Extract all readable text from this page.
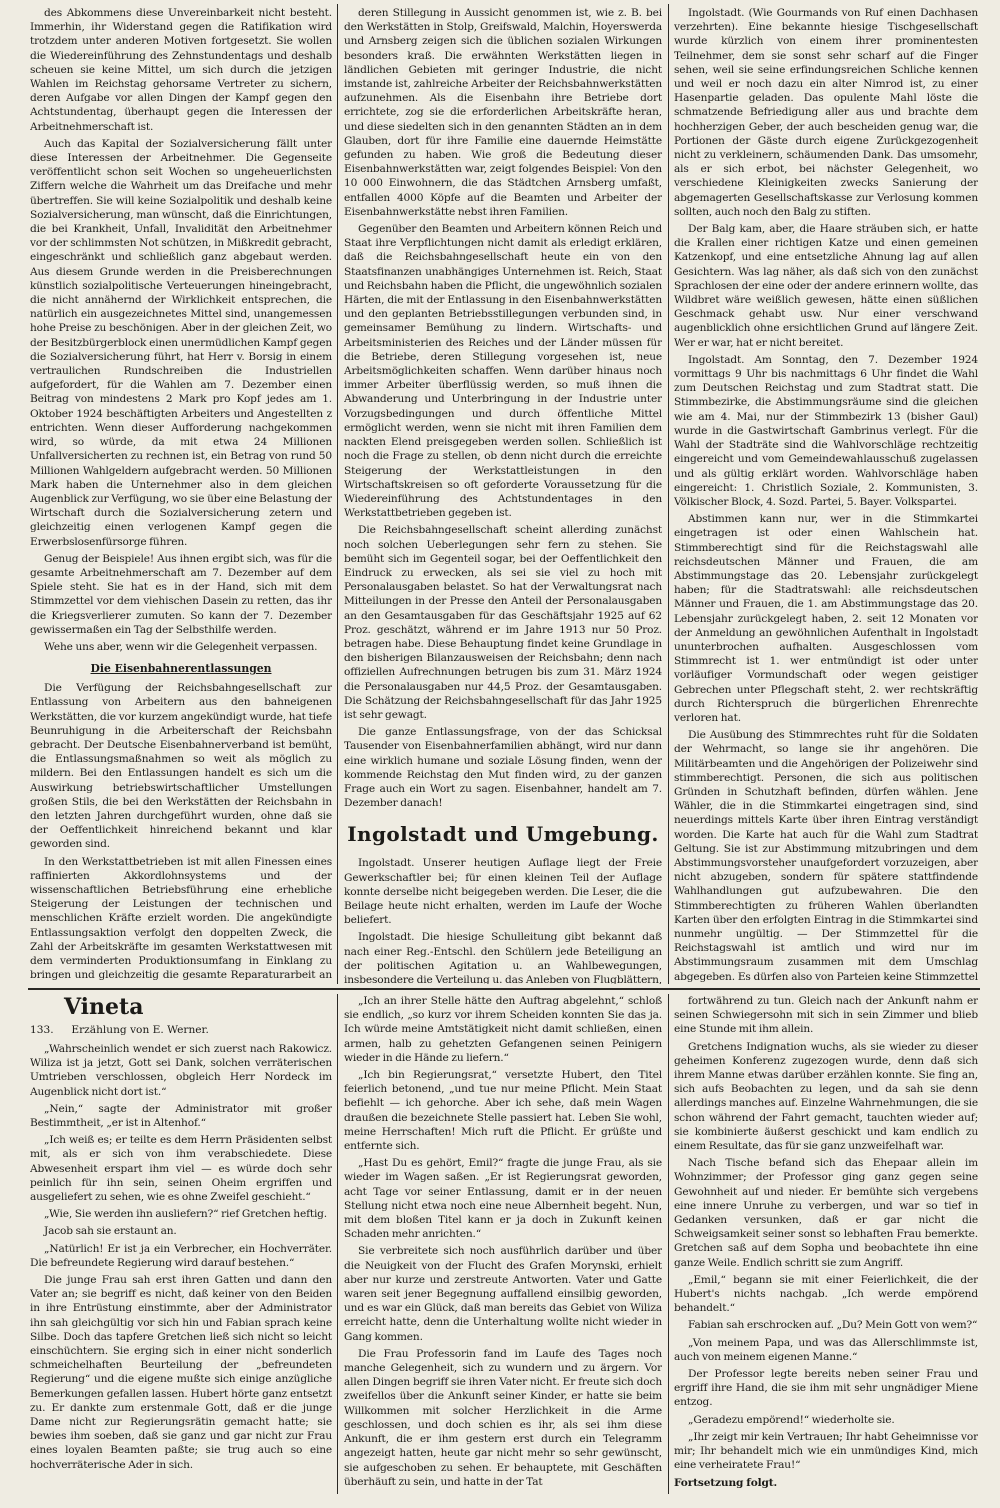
des Abkommens diese Unvereinbarkeit nicht besteht. Immerhin, ihr Widerstand gegen die Ratifikation wird trotzdem unter anderen Motiven fortgesetzt. Sie wollen die Wiedereinführung des Zehnstundentags und deshalb scheuen sie keine Mittel, um sich durch die jetzigen Wahlen im Reichstag gehorsame Vertreter zu sichern, deren Aufgabe vor allen Dingen der Kampf gegen den Achtstundentag, überhaupt gegen die Interessen der Arbeitnehmerschaft ist.

Auch das Kapital der Sozialversicherung fällt unter diese Interessen der Arbeitnehmer. Die Gegenseite veröffentlicht schon seit Wochen so ungeheuerlichsten Ziffern welche die Wahrheit um das Dreifache und mehr übertreffen. Sie will keine Sozialpolitik und deshalb keine Sozialversicherung, man wünscht, daß die Einrichtungen, die bei Krankheit, Unfall, Invalidität den Arbeitnehmer vor der schlimmsten Not schützen, in Mißkredit gebracht, eingeschränkt und schließlich ganz abgebaut werden. Aus diesem Grunde werden in die Preisberechnungen künstlich sozialpolitische Verteuerungen hineingebracht, die nicht annähernd der Wirklichkeit entsprechen, die natürlich ein ausgezeichnetes Mittel sind, unangemessen hohe Preise zu beschönigen. Aber in der gleichen Zeit, wo der Besitzbürgerblock einen unermüdlichen Kampf gegen die Sozialversicherung führt, hat Herr v. Borsig in einem vertraulichen Rundschreiben die Industriellen aufgefordert, für die Wahlen am 7. Dezember einen Beitrag von mindestens 2 Mark pro Kopf jedes am 1. Oktober 1924 beschäftigten Arbeiters und Angestellten z entrichten. Wenn dieser Aufforderung nachgekommen wird, so würde, da mit etwa 24 Millionen Unfallversicherten zu rechnen ist, ein Betrag von rund 50 Millionen Wahlgeldern aufgebracht werden. 50 Millionen Mark haben die Unternehmer also in dem gleichen Augenblick zur Verfügung, wo sie über eine Belastung der Wirtschaft durch die Sozialversicherung zetern und gleichzeitig einen verlogenen Kampf gegen die Erwerbslosenfürsorge führen.

Genug der Beispiele! Aus ihnen ergibt sich, was für die gesamte Arbeitnehmerschaft am 7. Dezember auf dem Spiele steht. Sie hat es in der Hand, sich mit dem Stimmzettel vor dem viehischen Dasein zu retten, das ihr die Kriegsverlierer zumuten. So kann der 7. Dezember gewissermaßen ein Tag der Selbsthilfe werden.

Wehe uns aber, wenn wir die Gelegenheit verpassen.

Die Eisenbahnerentlassungen

Die Verfügung der Reichsbahngesellschaft zur Entlassung von Arbeitern aus den bahneigenen Werkstätten, die vor kurzem angekündigt wurde, hat tiefe Beunruhigung in die Arbeiterschaft der Reichsbahn gebracht. Der Deutsche Eisenbahnerverband ist bemüht, die Entlassungsmaßnahmen so weit als möglich zu mildern. Bei den Entlassungen handelt es sich um die Auswirkung betriebswirtschaftlicher Umstellungen großen Stils, die bei den Werkstätten der Reichsbahn in den letzten Jahren durchgeführt wurden, ohne daß sie der Oeffentlichkeit hinreichend bekannt und klar geworden sind.

In den Werkstattbetrieben ist mit allen Finessen eines raffinierten Akkordlohnsystems und der wissenschaftlichen Betriebsführung eine erhebliche Steigerung der Leistungen der technischen und menschlichen Kräfte erzielt worden. Die angekündigte Entlassungsaktion verfolgt den doppelten Zweck, die Zahl der Arbeitskräfte im gesamten Werkstattwesen mit dem verminderten Produktionsumfang in Einklang zu bringen und gleichzeitig die gesamte Reparaturarbeit an

deren Stillegung in Aussicht genommen ist, wie z. B. bei den Werkstätten in Stolp, Greifswald, Malchin, Hoyerswerda und Arnsberg zeigen sich die üblichen sozialen Wirkungen besonders kraß. Die erwähnten Werkstätten liegen in ländlichen Gebieten mit geringer Industrie, die nicht imstande ist, zahlreiche Arbeiter der Reichsbahnwerkstätten aufzunehmen. Als die Eisenbahn ihre Betriebe dort errichtete, zog sie die erforderlichen Arbeitskräfte heran, und diese siedelten sich in den genannten Städten an in dem Glauben, dort für ihre Familie eine dauernde Heimstätte gefunden zu haben. Wie groß die Bedeutung dieser Eisenbahnwerkstätten war, zeigt folgendes Beispiel: Von den 10 000 Einwohnern, die das Städtchen Arnsberg umfaßt, entfallen 4000 Köpfe auf die Beamten und Arbeiter der Eisenbahnwerkstätte nebst ihren Familien.

Gegenüber den Beamten und Arbeitern können Reich und Staat ihre Verpflichtungen nicht damit als erledigt erklären, daß die Reichsbahngesellschaft heute ein von den Staatsfinanzen unabhängiges Unternehmen ist. Reich, Staat und Reichsbahn haben die Pflicht, die ungewöhnlich sozialen Härten, die mit der Entlassung in den Eisenbahnwerkstätten und den geplanten Betriebsstillegungen verbunden sind, in gemeinsamer Bemühung zu lindern. Wirtschafts- und Arbeitsministerien des Reiches und der Länder müssen für die Betriebe, deren Stillegung vorgesehen ist, neue Arbeitsmöglichkeiten schaffen. Wenn darüber hinaus noch immer Arbeiter überflüssig werden, so muß ihnen die Abwanderung und Unterbringung in der Industrie unter Vorzugsbedingungen und durch öffentliche Mittel ermöglicht werden, wenn sie nicht mit ihren Familien dem nackten Elend preisgegeben werden sollen. Schließlich ist noch die Frage zu stellen, ob denn nicht durch die erreichte Steigerung der Werkstattleistungen in den Wirtschaftskreisen so oft geforderte Voraussetzung für die Wiedereinführung des Achtstundentages in den Werkstattbetrieben gegeben ist.

Die Reichsbahngesellschaft scheint allerding zunächst noch solchen Ueberlegungen sehr fern zu stehen. Sie bemüht sich im Gegenteil sogar, bei der Oeffentlichkeit den Eindruck zu erwecken, als sei sie viel zu hoch mit Personalausgaben belastet. So hat der Verwaltungsrat nach Mitteilungen in der Presse den Anteil der Personalausgaben an den Gesamtausgaben für das Geschäftsjahr 1925 auf 62 Proz. geschätzt, während er im Jahre 1913 nur 50 Proz. betragen habe. Diese Behauptung findet keine Grundlage in den bisherigen Bilanzausweisen der Reichsbahn; denn nach offiziellen Aufrechnungen betrugen bis zum 31. März 1924 die Personalausgaben nur 44,5 Proz. der Gesamtausgaben. Die Schätzung der Reichsbahngesellschaft für das Jahr 1925 ist sehr gewagt.

Die ganze Entlassungsfrage, von der das Schicksal Tausender von Eisenbahnerfamilien abhängt, wird nur dann eine wirklich humane und soziale Lösung finden, wenn der kommende Reichstag den Mut finden wird, zu der ganzen Frage auch ein Wort zu sagen. Eisenbahner, handelt am 7. Dezember danach!

Ingolstadt und Umgebung.

Ingolstadt. Unserer heutigen Auflage liegt der Freie Gewerkschaftler bei; für einen kleinen Teil der Auflage konnte derselbe nicht beigegeben werden. Die Leser, die die Beilage heute nicht erhalten, werden im Laufe der Woche beliefert.

Ingolstadt. Die hiesige Schulleitung gibt bekannt daß nach einer Reg.-Entschl. den Schülern jede Beteiligung an der politischen Agitation u. an Wahlbewegungen, insbesondere die Verteilung u. das Anleben von Flugblättern,

Ingolstadt. (Wie Gourmands von Ruf einen Dachhasen verzehrten). Eine bekannte hiesige Tischgesellschaft wurde kürzlich von einem ihrer prominentesten Teilnehmer, dem sie sonst sehr scharf auf die Finger sehen, weil sie seine erfindungsreichen Schliche kennen und weil er noch dazu ein alter Nimrod ist, zu einer Hasenpartie geladen. Das opulente Mahl löste die schmatzende Befriedigung aller aus und brachte dem hochherzigen Geber, der auch bescheiden genug war, die Portionen der Gäste durch eigene Zurückgezogenheit nicht zu verkleinern, schäumenden Dank. Das umsomehr, als er sich erbot, bei nächster Gelegenheit, wo verschiedene Kleinigkeiten zwecks Sanierung der abgemagerten Gesellschaftskasse zur Verlosung kommen sollten, auch noch den Balg zu stiften.

Der Balg kam, aber, die Haare sträuben sich, er hatte die Krallen einer richtigen Katze und einen gemeinen Katzenkopf, und eine entsetzliche Ahnung lag auf allen Gesichtern. Was lag näher, als daß sich von den zunächst Sprachlosen der eine oder der andere erinnern wollte, das Wildbret wäre weißlich gewesen, hätte einen süßlichen Geschmack gehabt usw. Nur einer verschwand augenblicklich ohne ersichtlichen Grund auf längere Zeit. Wer er war, hat er nicht bereitet.

Ingolstadt. Am Sonntag, den 7. Dezember 1924 vormittags 9 Uhr bis nachmittags 6 Uhr findet die Wahl zum Deutschen Reichstag und zum Stadtrat statt. Die Stimmbezirke, die Abstimmungsräume sind die gleichen wie am 4. Mai, nur der Stimmbezirk 13 (bisher Gaul) wurde in die Gastwirtschaft Gambrinus verlegt. Für die Wahl der Stadträte sind die Wahlvorschläge rechtzeitig eingereicht und vom Gemeindewahlausschuß zugelassen und als gültig erklärt worden. Wahlvorschläge haben eingereicht: 1. Christlich Soziale, 2. Kommunisten, 3. Völkischer Block, 4. Sozd. Partei, 5. Bayer. Volkspartei.

Abstimmen kann nur, wer in die Stimmkartei eingetragen ist oder einen Wahlschein hat. Stimmberechtigt sind für die Reichstagswahl alle reichsdeutschen Männer und Frauen, die am Abstimmungstage das 20. Lebensjahr zurückgelegt haben; für die Stadtratswahl: alle reichsdeutschen Männer und Frauen, die 1. am Abstimmungstage das 20. Lebensjahr zurückgelegt haben, 2. seit 12 Monaten vor der Anmeldung an gewöhnlichen Aufenthalt in Ingolstadt ununterbrochen aufhalten. Ausgeschlossen vom Stimmrecht ist 1. wer entmündigt ist oder unter vorläufiger Vormundschaft oder wegen geistiger Gebrechen unter Pflegschaft steht, 2. wer rechtskräftig durch Richterspruch die bürgerlichen Ehrenrechte verloren hat.

Die Ausübung des Stimmrechtes ruht für die Soldaten der Wehrmacht, so lange sie ihr angehören. Die Militärbeamten und die Angehörigen der Polizeiwehr sind stimmberechtigt. Personen, die sich aus politischen Gründen in Schutzhaft befinden, dürfen wählen. Jene Wähler, die in die Stimmkartei eingetragen sind, sind neuerdings mittels Karte über ihren Eintrag verständigt worden. Die Karte hat auch für die Wahl zum Stadtrat Geltung. Sie ist zur Abstimmung mitzubringen und dem Abstimmungsvorsteher unaufgefordert vorzuzeigen, aber nicht abzugeben, sondern für spätere stattfindende Wahlhandlungen gut aufzubewahren. Die den Stimmberechtigten zu früheren Wahlen überlandten Karten über den erfolgten Eintrag in die Stimmkartei sind nunmehr ungültig. — Der Stimmzettel für die Reichstagswahl ist amtlich und wird nur im Abstimmungsraum zusammen mit dem Umschlag abgegeben. Es dürfen also von Parteien keine Stimmzettel

Vineta
133. Erzählung von E. Werner.

„Wahrscheinlich wendet er sich zuerst nach Rakowicz. Wiliza ist ja jetzt, Gott sei Dank, solchen verräterischen Umtrieben verschlossen, obgleich Herr Nordeck im Augenblick nicht dort ist.“

„Nein,“ sagte der Administrator mit großer Bestimmtheit, „er ist in Altenhof.“

„Ich weiß es; er teilte es dem Herrn Präsidenten selbst mit, als er sich von ihm verabschiedete. Diese Abwesenheit erspart ihm viel — es würde doch sehr peinlich für ihn sein, seinen Oheim ergriffen und ausgeliefert zu sehen, wie es ohne Zweifel geschieht.“

„Wie, Sie werden ihn ausliefern?“ rief Gretchen heftig.

Jacob sah sie erstaunt an.

„Natürlich! Er ist ja ein Verbrecher, ein Hochverräter. Die befreundete Regierung wird darauf bestehen.“

Die junge Frau sah erst ihren Gatten und dann den Vater an; sie begriff es nicht, daß keiner von den Beiden in ihre Entrüstung einstimmte, aber der Administrator ihn sah gleichgültig vor sich hin und Fabian sprach keine Silbe. Doch das tapfere Gretchen ließ sich nicht so leicht einschüchtern. Sie erging sich in einer nicht sonderlich schmeichelhaften Beurteilung der „befreundeten Regierung“ und die eigene mußte sich einige anzügliche Bemerkungen gefallen lassen. Hubert hörte ganz entsetzt zu. Er dankte zum erstenmale Gott, daß er die junge Dame nicht zur Regierungsrätin gemacht hatte; sie bewies ihm soeben, daß sie ganz und gar nicht zur Frau eines loyalen Beamten paßte; sie trug auch so eine hochverräterische Ader in sich.

„Ich an ihrer Stelle hätte den Auftrag abgelehnt,“ schloß sie endlich, „so kurz vor ihrem Scheiden konnten Sie das ja. Ich würde meine Amtstätigkeit nicht damit schließen, einen armen, halb zu gehetzten Gefangenen seinen Peinigern wieder in die Hände zu liefern.“

„Ich bin Regierungsrat,“ versetzte Hubert, den Titel feierlich betonend, „und tue nur meine Pflicht. Mein Staat befiehlt — ich gehorche. Aber ich sehe, daß mein Wagen draußen die bezeichnete Stelle passiert hat. Leben Sie wohl, meine Herrschaften! Mich ruft die Pflicht. Er grüßte und entfernte sich.

„Hast Du es gehört, Emil?“ fragte die junge Frau, als sie wieder im Wagen saßen. „Er ist Regierungsrat geworden, acht Tage vor seiner Entlassung, damit er in der neuen Stellung nicht etwa noch eine neue Albernheit begeht. Nun, mit dem bloßen Titel kann er ja doch in Zukunft keinen Schaden mehr anrichten.“

Sie verbreitete sich noch ausführlich darüber und über die Neuigkeit von der Flucht des Grafen Morynski, erhielt aber nur kurze und zerstreute Antworten. Vater und Gatte waren seit jener Begegnung auffallend einsilbig geworden, und es war ein Glück, daß man bereits das Gebiet von Wiliza erreicht hatte, denn die Unterhaltung wollte nicht wieder in Gang kommen.

Die Frau Professorin fand im Laufe des Tages noch manche Gelegenheit, sich zu wundern und zu ärgern. Vor allen Dingen begriff sie ihren Vater nicht. Er freute sich doch zweifellos über die Ankunft seiner Kinder, er hatte sie beim Willkommen mit solcher Herzlichkeit in die Arme geschlossen, und doch schien es ihr, als sei ihm diese Ankunft, die er ihm gestern erst durch ein Telegramm angezeigt hatten, heute gar nicht mehr so sehr gewünscht, sie aufgeschoben zu sehen. Er behauptete, mit Geschäften überhäuft zu sein, und hatte in der Tat

fortwährend zu tun. Gleich nach der Ankunft nahm er seinen Schwiegersohn mit sich in sein Zimmer und blieb eine Stunde mit ihm allein.

Gretchens Indignation wuchs, als sie wieder zu dieser geheimen Konferenz zugezogen wurde, denn daß sich ihrem Manne etwas darüber erzählen konnte. Sie fing an, sich aufs Beobachten zu legen, und da sah sie denn allerdings manches auf. Einzelne Wahrnehmungen, die sie schon während der Fahrt gemacht, tauchten wieder auf; sie kombinierte äußerst geschickt und kam endlich zu einem Resultate, das für sie ganz unzweifelhaft war.

Nach Tische befand sich das Ehepaar allein im Wohnzimmer; der Professor ging ganz gegen seine Gewohnheit auf und nieder. Er bemühte sich vergebens eine innere Unruhe zu verbergen, und war so tief in Gedanken versunken, daß er gar nicht die Schweigsamkeit seiner sonst so lebhaften Frau bemerkte. Gretchen saß auf dem Sopha und beobachtete ihn eine ganze Weile. Endlich schritt sie zum Angriff.

„Emil,“ begann sie mit einer Feierlichkeit, die der Hubert's nichts nachgab. „Ich werde empörend behandelt.“

Fabian sah erschrocken auf. „Du? Mein Gott von wem?“

„Von meinem Papa, und was das Allerschlimmste ist, auch von meinem eigenen Manne.“

Der Professor legte bereits neben seiner Frau und ergriff ihre Hand, die sie ihm mit sehr ungnädiger Miene entzog.

„Geradezu empörend!“ wiederholte sie.

„Ihr zeigt mir kein Vertrauen; Ihr habt Geheimnisse vor mir; Ihr behandelt mich wie ein unmündiges Kind, mich eine verheiratete Frau!“

Fortsetzung folgt.
